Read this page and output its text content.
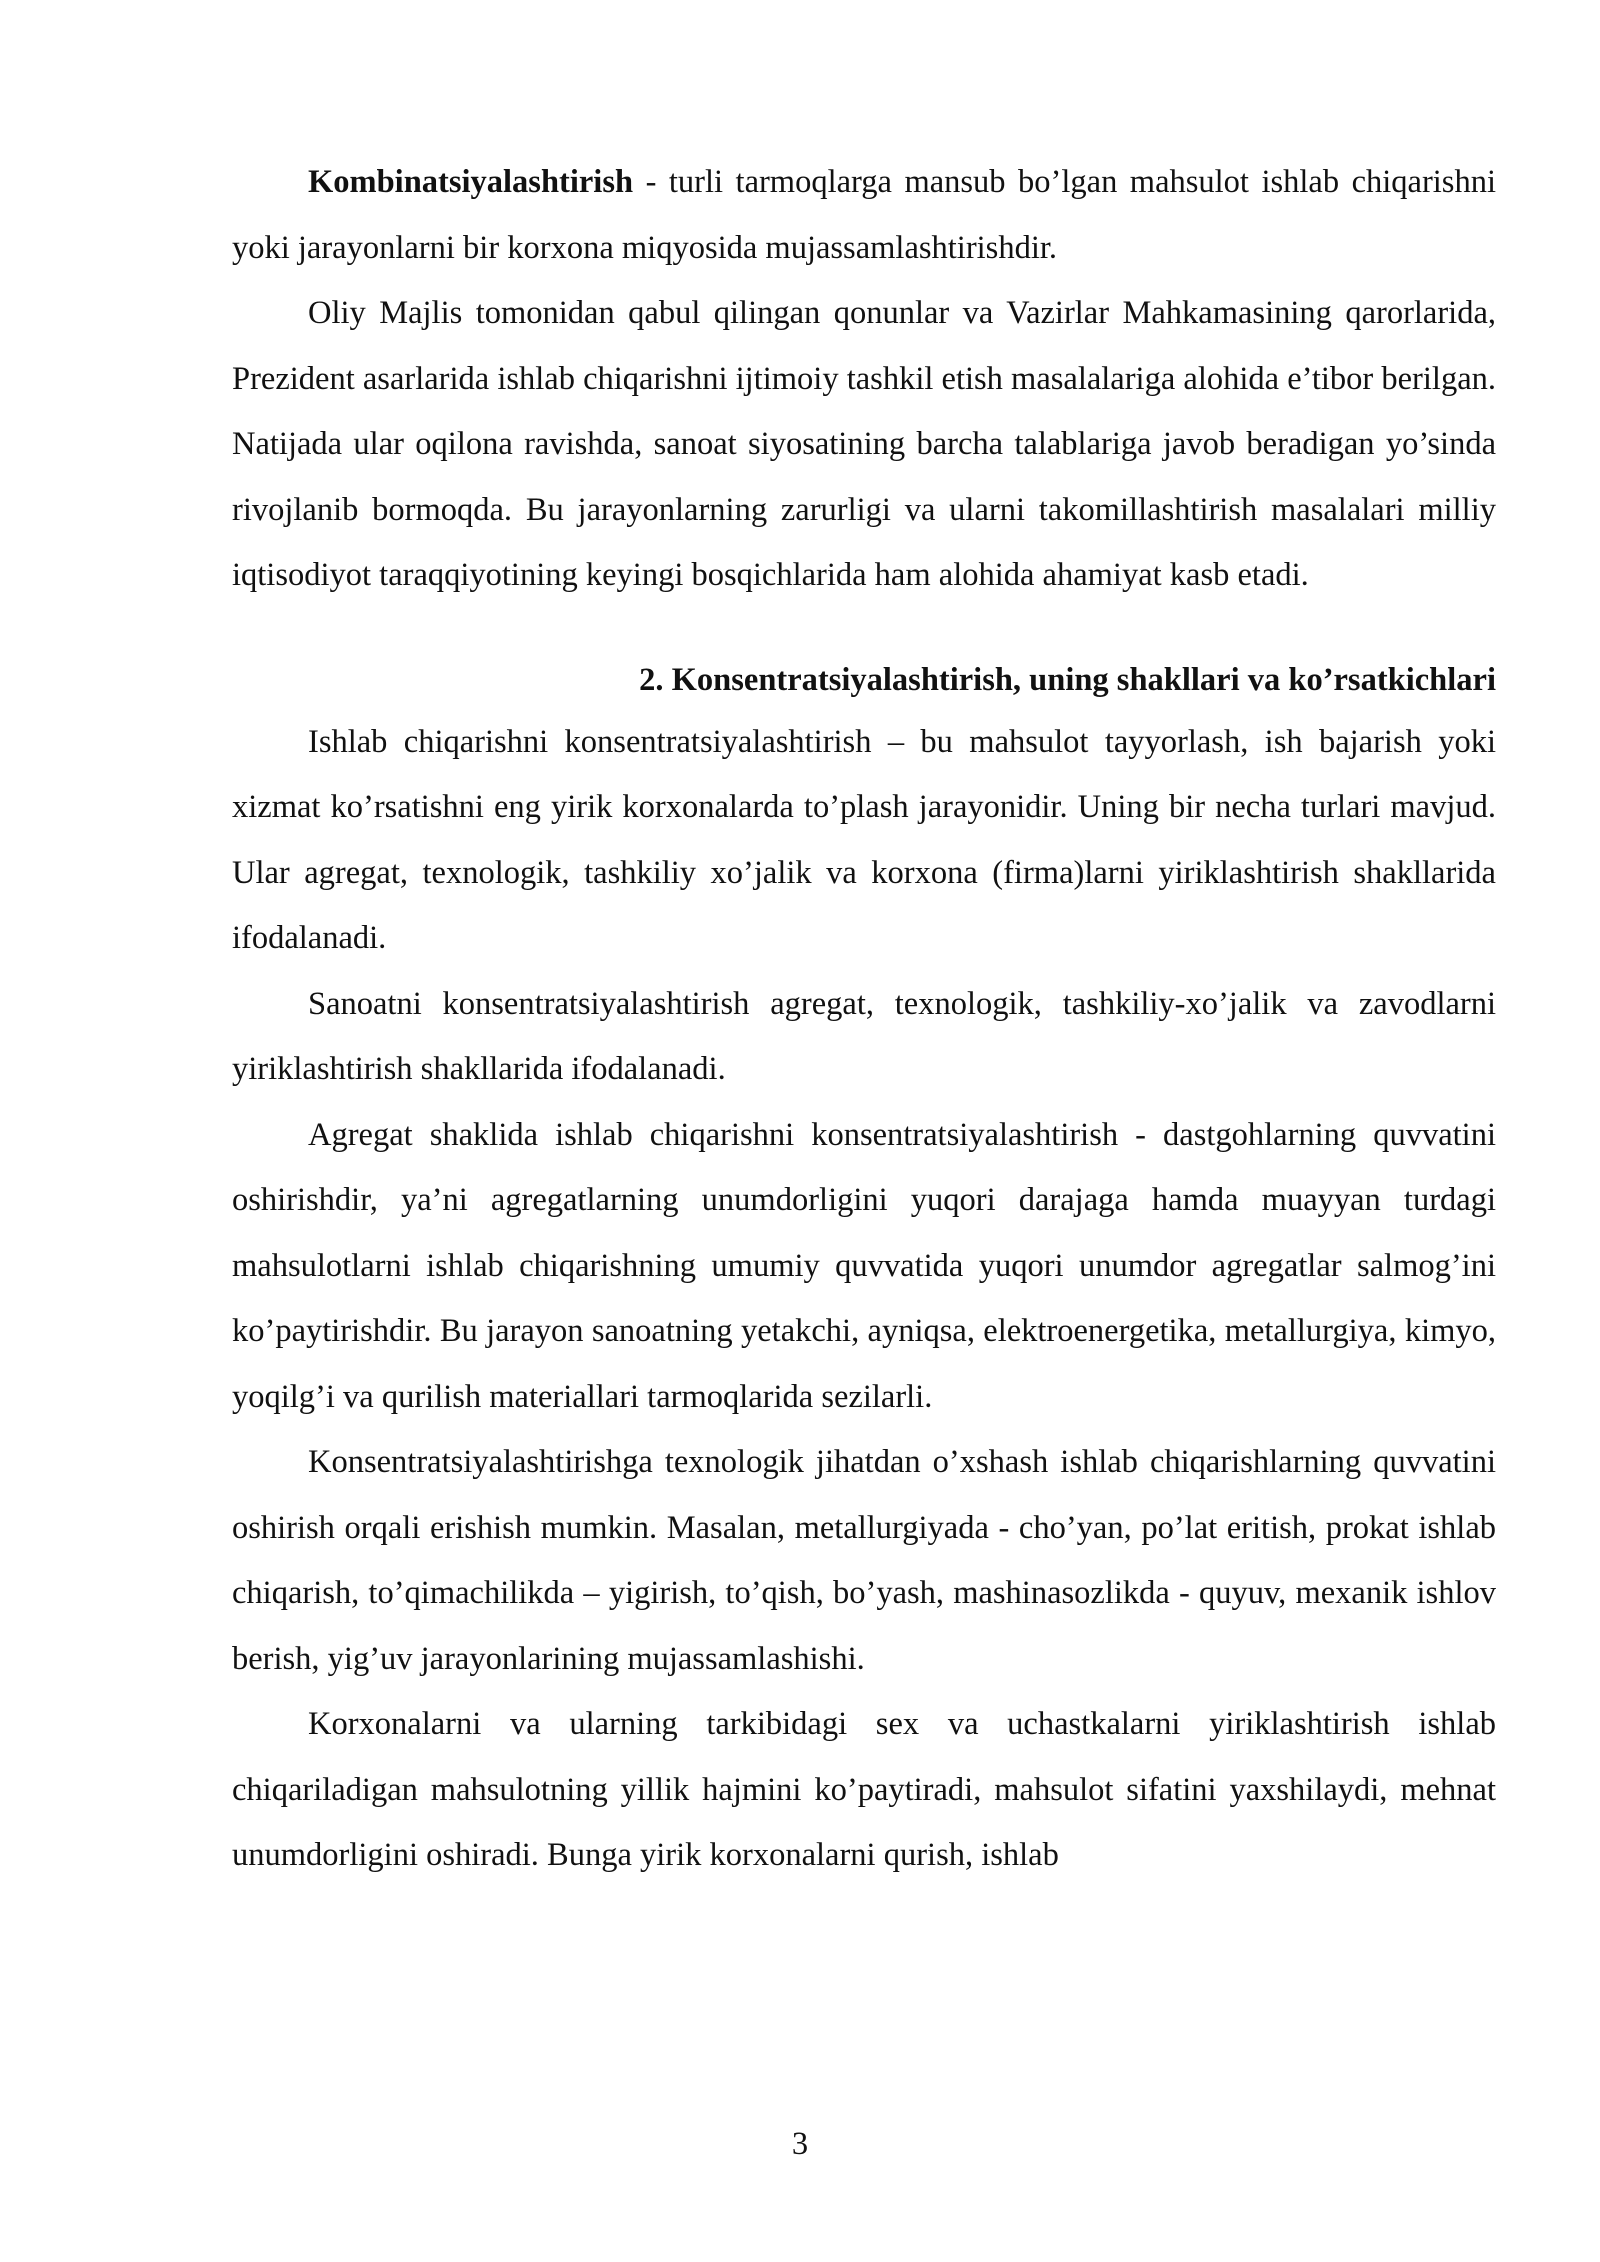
Kombinatsiyalashtirish - turli tarmoqlarga mansub bo’lgan mahsulot ishlab chiqarishni yoki jarayonlarni bir korxona miqyosida mujassamlashtirishdir.

Oliy Majlis tomonidan qabul qilingan qonunlar va Vazirlar Mahkamasining qarorlarida, Prezident asarlarida ishlab chiqarishni ijtimoiy tashkil etish masalalariga alohida e’tibor berilgan. Natijada ular oqilona ravishda, sanoat siyosatining barcha talablariga javob beradigan yo’sinda rivojlanib bormoqda. Bu jarayonlarning zarurligi va ularni takomillashtirish masalalari milliy iqtisodiyot taraqqiyotining keyingi bosqichlarida ham alohida ahamiyat kasb etadi.

2. Konsentratsiyalashtirish, uning shakllari va ko’rsatkichlari

Ishlab chiqarishni konsentratsiyalashtirish – bu mahsulot tayyorlash, ish bajarish yoki xizmat ko’rsatishni eng yirik korxonalarda to’plash jarayonidir. Uning bir necha turlari mavjud. Ular agregat, texnologik, tashkiliy xo’jalik va korxona (firma)larni yiriklashtirish shakllarida ifodalanadi.

Sanoatni konsentratsiyalashtirish agregat, texnologik, tashkiliy-xo’jalik va zavodlarni yiriklashtirish shakllarida ifodalanadi.

Agregat shaklida ishlab chiqarishni konsentratsiyalashtirish - dastgohlarning quvvatini oshirishdir, ya’ni agregatlarning unumdorligini yuqori darajaga hamda muayyan turdagi mahsulotlarni ishlab chiqarishning umumiy quvvatida yuqori unumdor agregatlar salmog’ini ko’paytirishdir. Bu jarayon sanoatning yetakchi, ayniqsa, elektroenergetika, metallurgiya, kimyo, yoqilg’i va qurilish materiallari tarmoqlarida sezilarli.

Konsentratsiyalashtirishga texnologik jihatdan o’xshash ishlab chiqarishlarning quvvatini oshirish orqali erishish mumkin. Masalan, metallurgiyada - cho’yan, po’lat eritish, prokat ishlab chiqarish, to’qimachilikda – yigirish, to’qish, bo’yash, mashinasozlikda - quyuv, mexanik ishlov berish, yig’uv jarayonlarining mujassamlashishi.

Korxonalarni va ularning tarkibidagi sex va uchastkalarni yiriklashtirish ishlab chiqariladigan mahsulotning yillik hajmini ko’paytiradi, mahsulot sifatini yaxshilaydi, mehnat unumdorligini oshiradi. Bunga yirik korxonalarni qurish, ishlab

3
